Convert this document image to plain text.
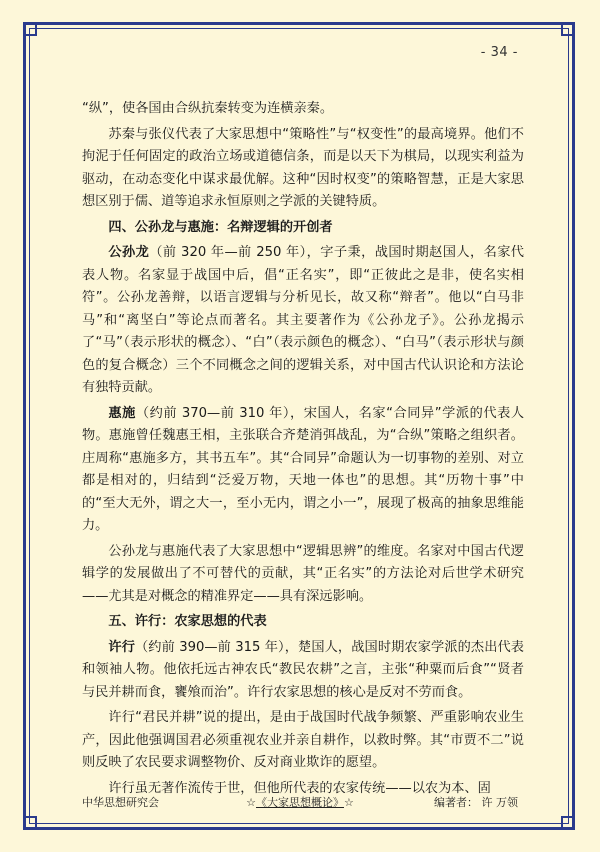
- 34 -

“纵”，使各国由合纵抗秦转变为连横亲秦。

苏秦与张仪代表了大家思想中“策略性”与“权变性”的最高境界。他们不拘泥于任何固定的政治立场或道德信条，而是以天下为棋局，以现实利益为驱动，在动态变化中谋求最优解。这种“因时权变”的策略智慧，正是大家思想区别于儒、道等追求永恒原则之学派的关键特质。

四、公孙龙与惠施：名辩逻辑的开创者

公孙龙（前 320 年—前 250 年），字子秉，战国时期赵国人，名家代表人物。名家显于战国中后，倡“正名实”，即“正彼此之是非，使名实相符”。公孙龙善辩，以语言逻辑与分析见长，故又称“辩者”。他以“白马非马”和“离坚白”等论点而著名。其主要著作为《公孙龙子》。公孙龙揭示了“马”（表示形状的概念）、“白”（表示颜色的概念）、“白马”（表示形状与颜色的复合概念）三个不同概念之间的逻辑关系，对中国古代认识论和方法论有独特贡献。

惠施（约前 370—前 310 年），宋国人，名家“合同异”学派的代表人物。惠施曾任魏惠王相，主张联合齐楚消弭战乱，为“合纵”策略之组织者。庄周称“惠施多方，其书五车”。其“合同异”命题认为一切事物的差别、对立都是相对的，归结到“泛爱万物，天地一体也”的思想。其“历物十事”中的“至大无外，谓之大一，至小无内，谓之小一”，展现了极高的抽象思维能力。

公孙龙与惠施代表了大家思想中“逻辑思辨”的维度。名家对中国古代逻辑学的发展做出了不可替代的贡献，其“正名实”的方法论对后世学术研究——尤其是对概念的精准界定——具有深远影响。

五、许行：农家思想的代表

许行（约前 390—前 315 年），楚国人，战国时期农家学派的杰出代表和领袖人物。他依托远古神农氏“教民农耕”之言，主张“种粟而后食”“贤者与民并耕而食，饔飧而治”。许行农家思想的核心是反对不劳而食。

许行“君民并耕”说的提出，是由于战国时代战争频繁、严重影响农业生产，因此他强调国君必须重视农业并亲自耕作，以救时弊。其“市贾不二”说则反映了农民要求调整物价、反对商业欺诈的愿望。

许行虽无著作流传于世，但他所代表的农家传统——以农为本、固

中华思想研究会	☆《大家思想概论》☆	编著者： 许 万领
